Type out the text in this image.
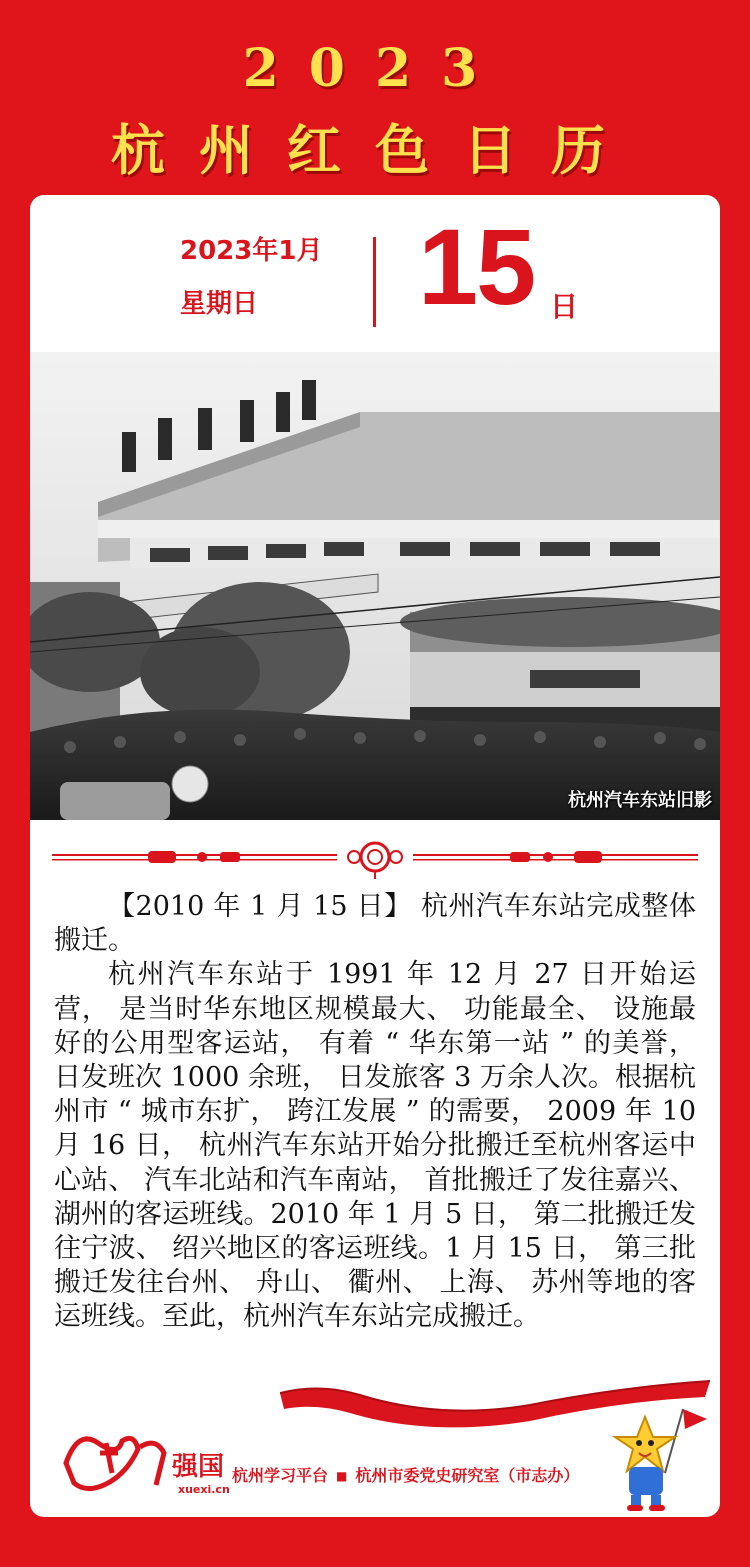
2023
杭州红色日历
2023年1月
星期日 15 日
杭州汽车东站旧影

【2010 年 1 月 15 日】 杭州汽车东站完成整体搬迁。

杭州汽车东站于 1991 年 12 月 27 日开始运营， 是当时华东地区规模最大、 功能最全、 设施最好的公用型客运站， 有着 “ 华东第一站 ” 的美誉， 日发班次 1000 余班， 日发旅客 3 万余人次。根据杭州市 “ 城市东扩， 跨江发展 ” 的需要， 2009 年 10 月 16 日， 杭州汽车东站开始分批搬迁至杭州客运中心站、 汽车北站和汽车南站， 首批搬迁了发往嘉兴、 湖州的客运班线。2010 年 1 月 5 日， 第二批搬迁发往宁波、 绍兴地区的客运班线。1 月 15 日， 第三批搬迁发往台州、 舟山、 衢州、 上海、 苏州等地的客运班线。至此，杭州汽车东站完成搬迁。

强国
xuexi.cn
杭州学习平台 ■ 杭州市委党史研究室（市志办）
